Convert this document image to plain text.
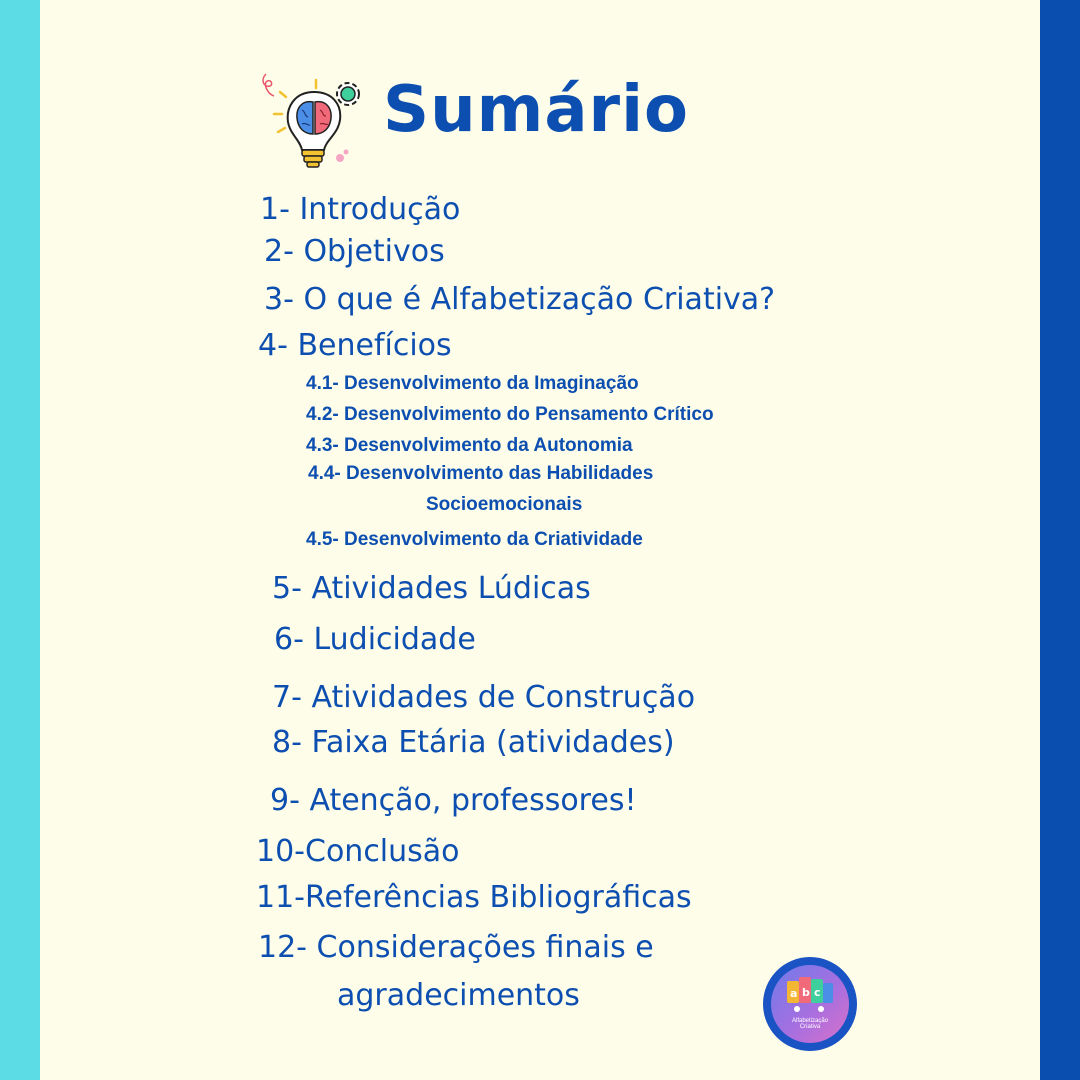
Sumário
1- Introdução
2- Objetivos
3- O que é Alfabetização Criativa?
4- Benefícios
4.1- Desenvolvimento da Imaginação
4.2- Desenvolvimento do Pensamento Crítico
4.3- Desenvolvimento da Autonomia
4.4- Desenvolvimento das Habilidades
Socioemocionais
4.5- Desenvolvimento da Criatividade
5- Atividades Lúdicas
6- Ludicidade
7- Atividades de Construção
8- Faixa Etária (atividades)
9- Atenção, professores!
10-Conclusão
11-Referências Bibliográficas
12- Considerações finais e
agradecimentos	a b c
Alfabetização
Criativa
